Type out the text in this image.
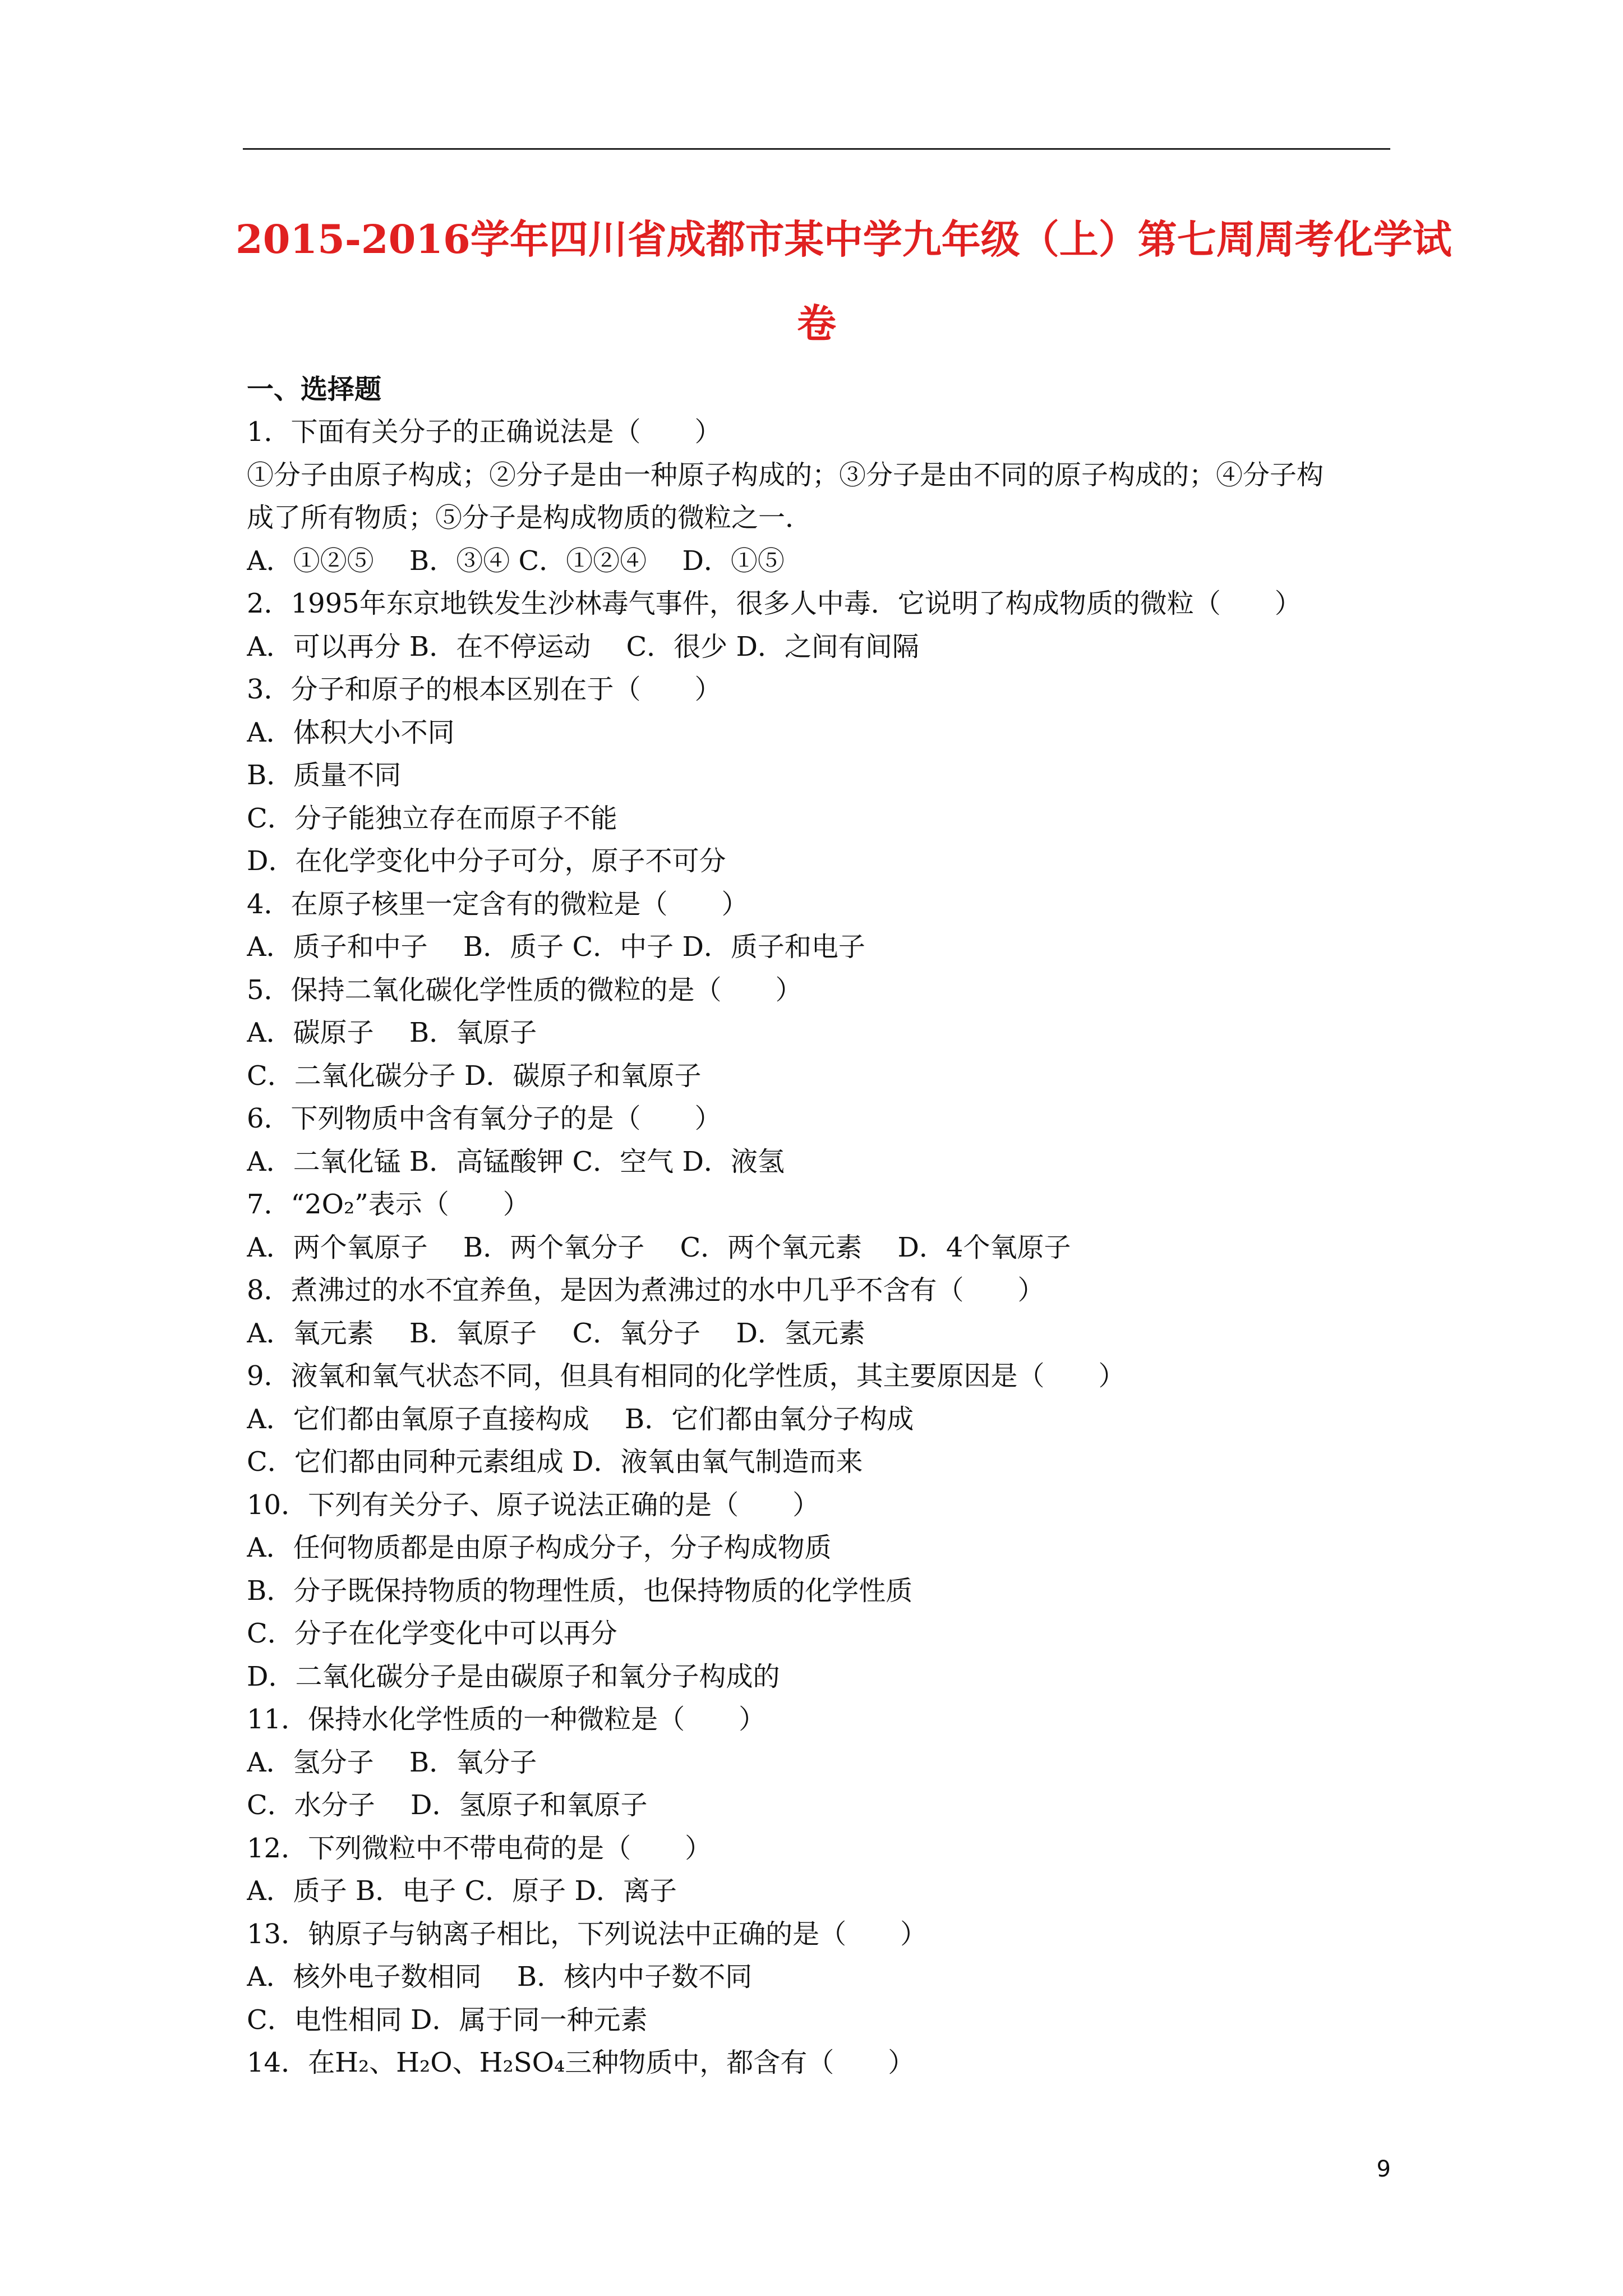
2015-2016学年四川省成都市某中学九年级（上）第七周周考化学试
卷
一、选择题
1．下面有关分子的正确说法是（　　）
①分子由原子构成；②分子是由一种原子构成的；③分子是由不同的原子构成的；④分子构
成了所有物质；⑤分子是构成物质的微粒之一．
A．①②⑤　 B．③④ C．①②④　 D．①⑤
2．1995年东京地铁发生沙林毒气事件，很多人中毒．它说明了构成物质的微粒（　　）
A．可以再分 B．在不停运动　 C．很少 D．之间有间隔
3．分子和原子的根本区别在于（　　）
A．体积大小不同
B．质量不同
C．分子能独立存在而原子不能
D．在化学变化中分子可分，原子不可分
4．在原子核里一定含有的微粒是（　　）
A．质子和中子　 B．质子 C．中子 D．质子和电子
5．保持二氧化碳化学性质的微粒的是（　　）
A．碳原子　 B．氧原子
C．二氧化碳分子 D．碳原子和氧原子
6．下列物质中含有氧分子的是（　　）
A．二氧化锰 B．高锰酸钾 C．空气 D．液氢
7．“2O₂”表示（　　）
A．两个氧原子　 B．两个氧分子　 C．两个氧元素　 D．4个氧原子
8．煮沸过的水不宜养鱼，是因为煮沸过的水中几乎不含有（　　）
A．氧元素　 B．氧原子　 C．氧分子　 D．氢元素
9．液氧和氧气状态不同，但具有相同的化学性质，其主要原因是（　　）
A．它们都由氧原子直接构成　 B．它们都由氧分子构成
C．它们都由同种元素组成 D．液氧由氧气制造而来
10．下列有关分子、原子说法正确的是（　　）
A．任何物质都是由原子构成分子，分子构成物质
B．分子既保持物质的物理性质，也保持物质的化学性质
C．分子在化学变化中可以再分
D．二氧化碳分子是由碳原子和氧分子构成的
11．保持水化学性质的一种微粒是（　　）
A．氢分子　 B．氧分子
C．水分子　 D．氢原子和氧原子
12．下列微粒中不带电荷的是（　　）
A．质子 B．电子 C．原子 D．离子
13．钠原子与钠离子相比，下列说法中正确的是（　　）
A．核外电子数相同　 B．核内中子数不同
C．电性相同 D．属于同一种元素
14．在H₂、H₂O、H₂SO₄三种物质中，都含有（　　）
9
